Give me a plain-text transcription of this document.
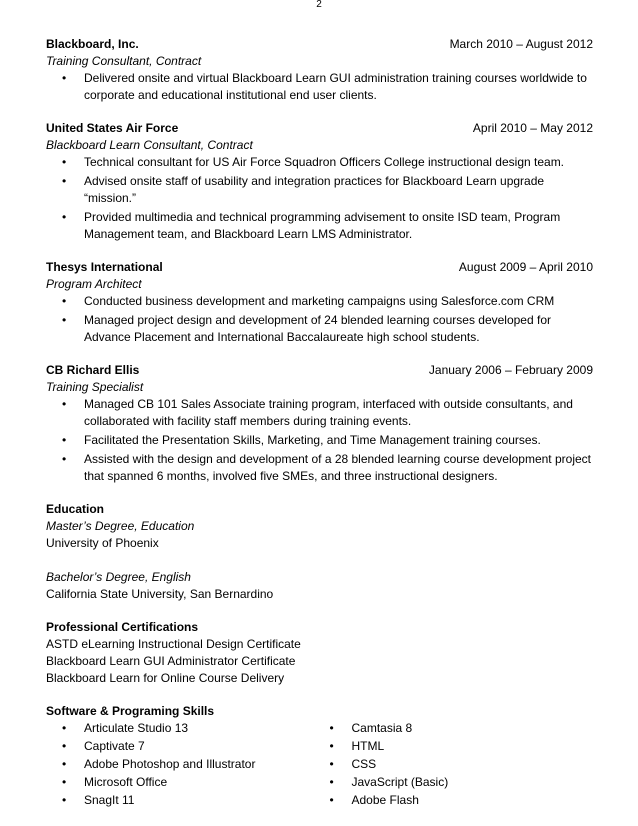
2
Blackboard, Inc.	March 2010 – August 2012
Training Consultant, Contract
• Delivered onsite and virtual Blackboard Learn GUI administration training courses worldwide to corporate and educational institutional end user clients.
United States Air Force	April 2010 – May 2012
Blackboard Learn Consultant, Contract
• Technical consultant for US Air Force Squadron Officers College instructional design team.
• Advised onsite staff of usability and integration practices for Blackboard Learn upgrade “mission.”
• Provided multimedia and technical programming advisement to onsite ISD team, Program Management team, and Blackboard Learn LMS Administrator.
Thesys International	August 2009 – April 2010
Program Architect
• Conducted business development and marketing campaigns using Salesforce.com CRM
• Managed project design and development of 24 blended learning courses developed for Advance Placement and International Baccalaureate high school students.
CB Richard Ellis	January 2006 – February 2009
Training Specialist
• Managed CB 101 Sales Associate training program, interfaced with outside consultants, and collaborated with facility staff members during training events.
• Facilitated the Presentation Skills, Marketing, and Time Management training courses.
• Assisted with the design and development of a 28 blended learning course development project that spanned 6 months, involved five SMEs, and three instructional designers.
Education
Master’s Degree, Education
University of Phoenix
Bachelor’s Degree, English
California State University, San Bernardino
Professional Certifications
ASTD eLearning Instructional Design Certificate
Blackboard Learn GUI Administrator Certificate
Blackboard Learn for Online Course Delivery
Software & Programing Skills
• Articulate Studio 13
• Captivate 7
• Adobe Photoshop and Illustrator
• Microsoft Office
• SnagIt 11
• Camtasia 8
• HTML
• CSS
• JavaScript (Basic)
• Adobe Flash
